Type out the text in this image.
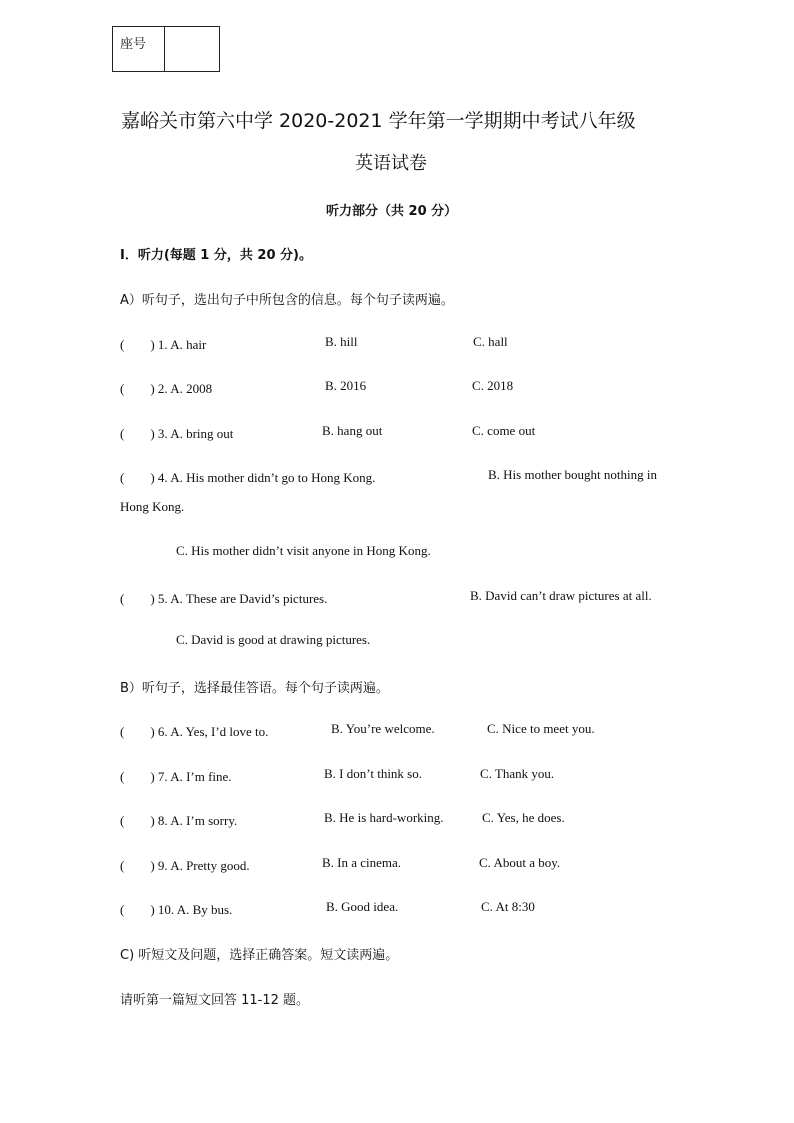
座号
嘉峪关市第六中学 2020-2021 学年第一学期期中考试八年级
英语试卷
听力部分（共 20 分）
I．听力(每题 1 分，共 20 分)。
A）听句子，选出句子中所包含的信息。每个句子读两遍。
(　　) 1. A. hair	B. hill	C. hall
(　　) 2. A. 2008	B. 2016	C. 2018
(　　) 3. A. bring out	B. hang out	C. come out
(　　) 4. A. His mother didn’t go to Hong Kong.	B. His mother bought nothing in
Hong Kong.
C. His mother didn’t visit anyone in Hong Kong.
(　　) 5. A. These are David’s pictures.	B. David can’t draw pictures at all.
C. David is good at drawing pictures.
B）听句子，选择最佳答语。每个句子读两遍。
(　　) 6. A. Yes, I’d love to.	B. You’re welcome.	C. Nice to meet you.
(　　) 7. A. I’m fine.	B. I don’t think so.	C. Thank you.
(　　) 8. A. I’m sorry.	B. He is hard-working.	C. Yes, he does.
(　　) 9. A. Pretty good.	B. In a cinema.	C. About a boy.
(　　) 10. A. By bus.	B. Good idea.	C. At 8:30
C) 听短文及问题，选择正确答案。短文读两遍。
请听第一篇短文回答 11-12 题。
